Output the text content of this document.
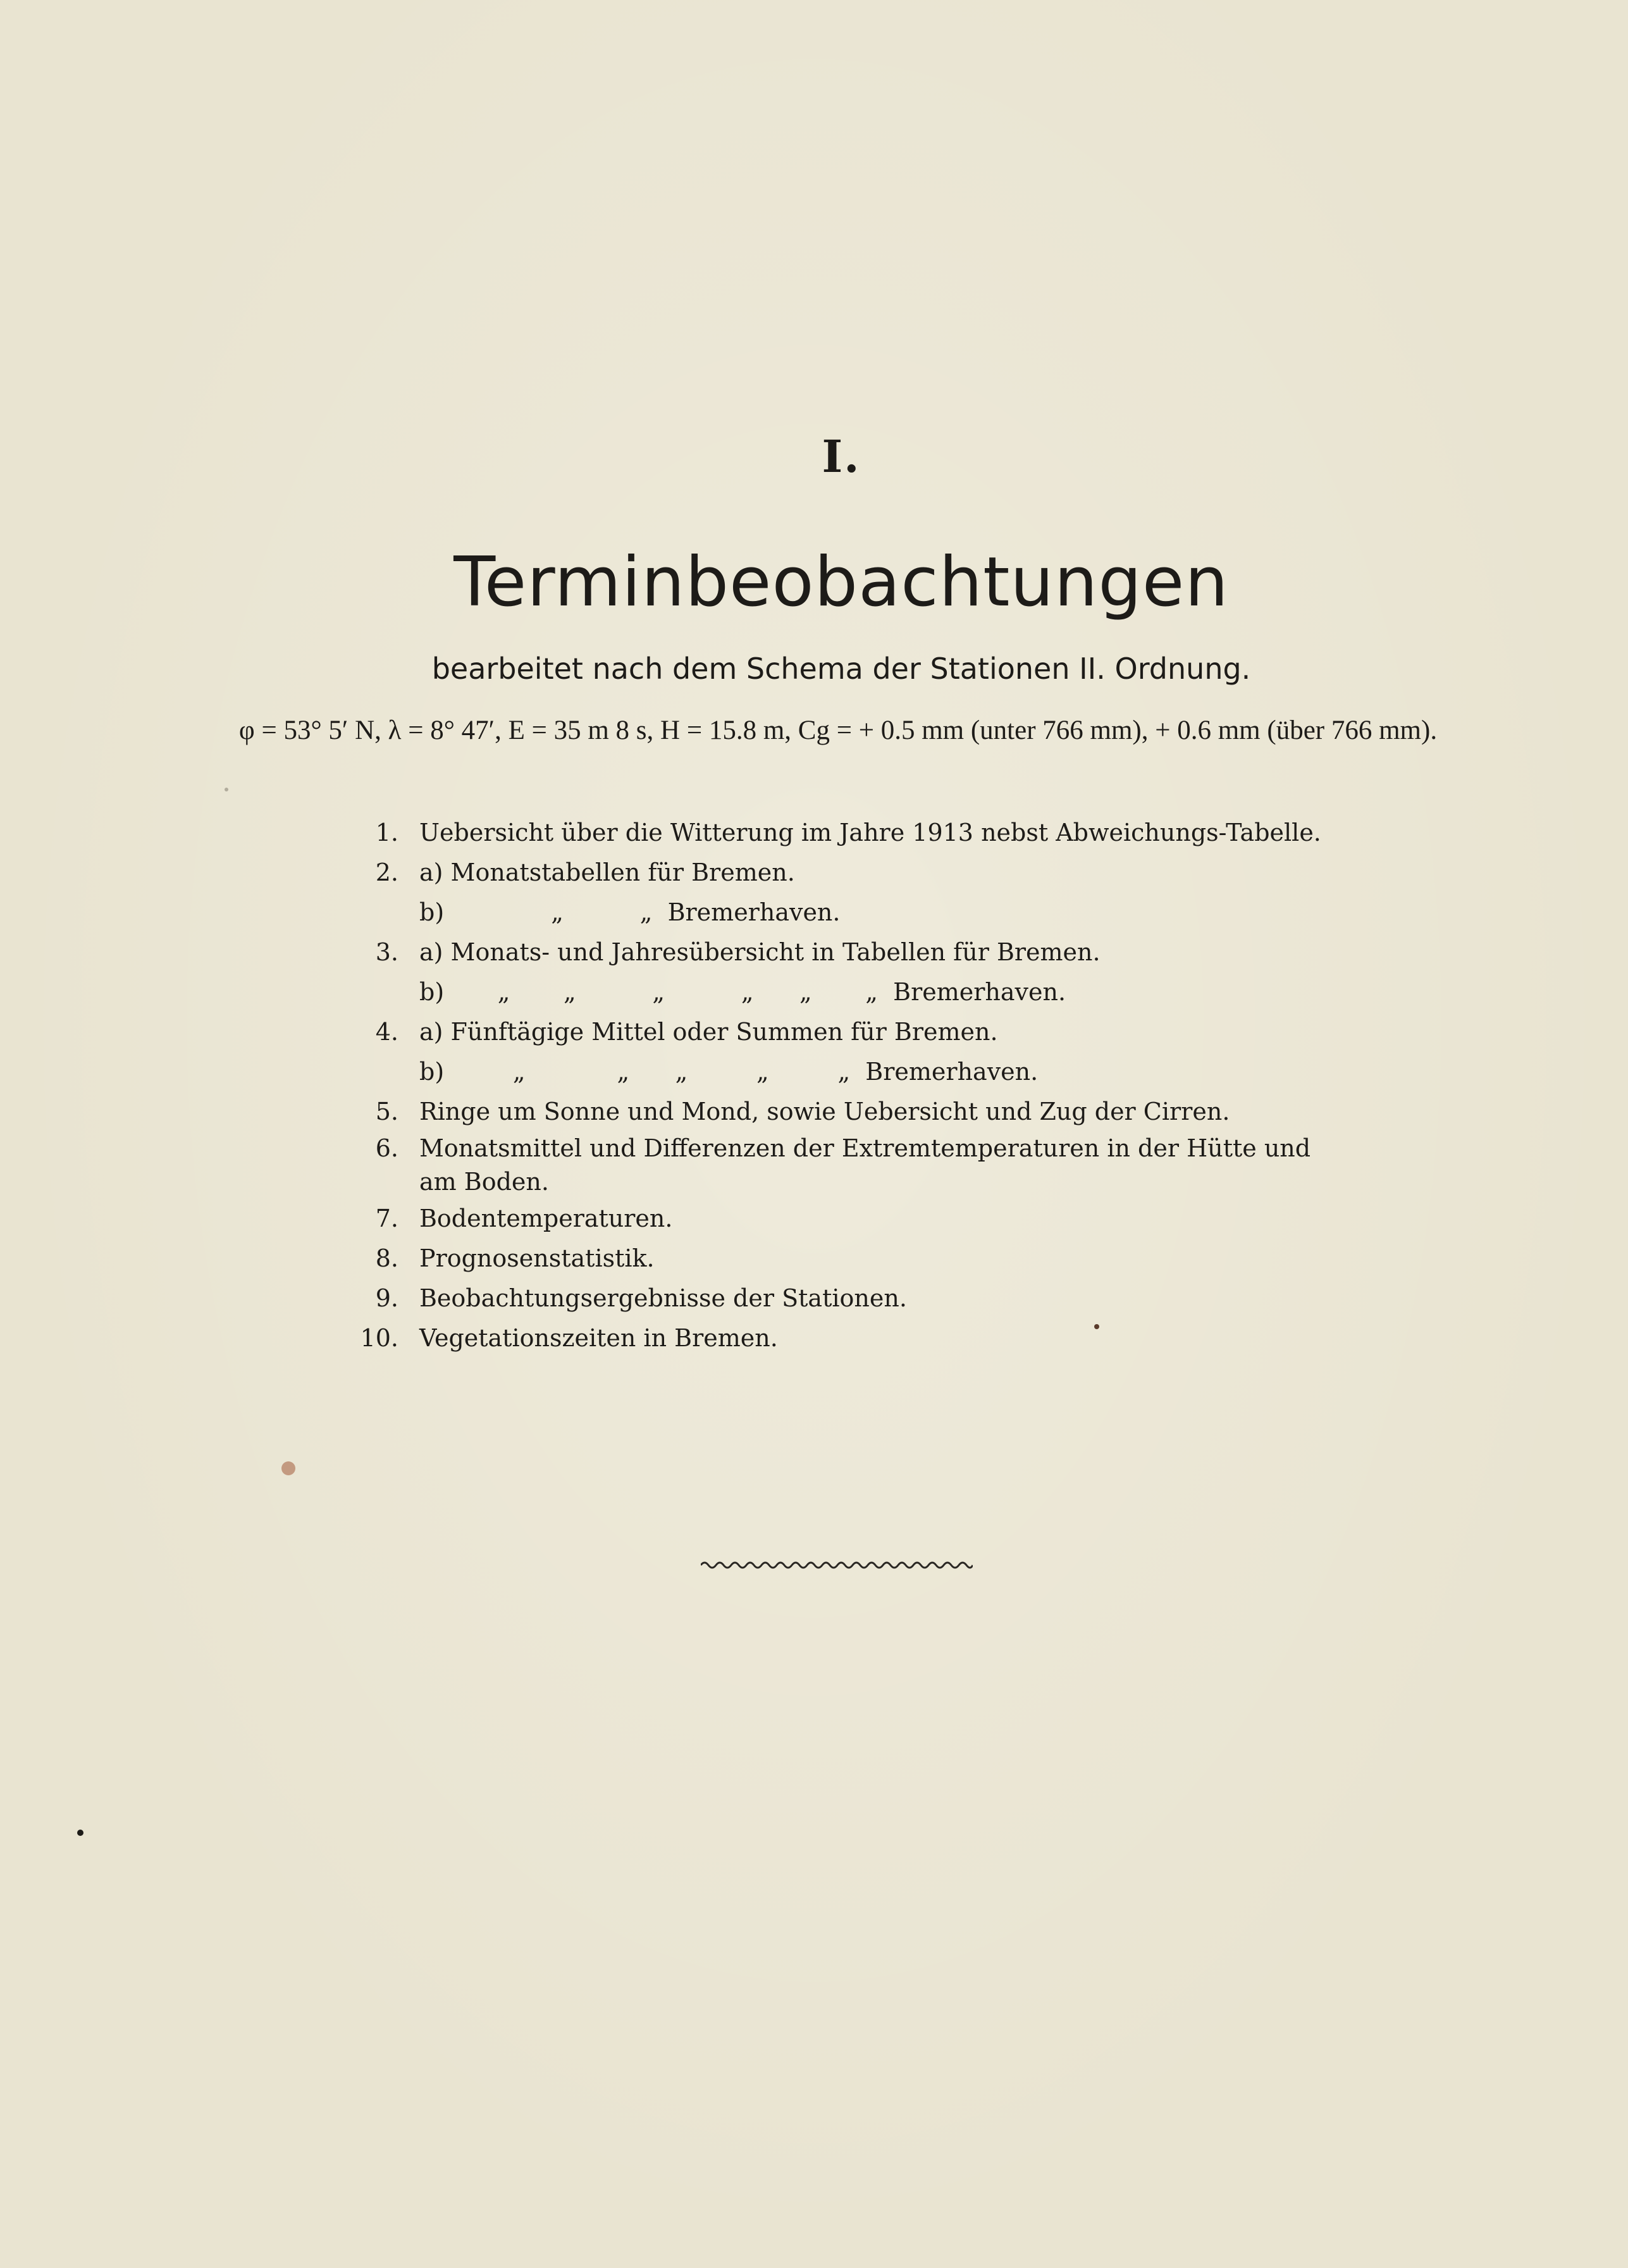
I.
Terminbeobachtungen
bearbeitet nach dem Schema der Stationen II. Ordnung.
φ = 53° 5′ N, λ = 8° 47′, E = 35 m 8 s, H = 15.8 m, Cg = + 0.5 mm (unter 766 mm), + 0.6 mm (über 766 mm).
1. Uebersicht über die Witterung im Jahre 1913 nebst Abweichungs-Tabelle.
2. a) Monatstabellen für Bremen.
b)              „          „  Bremerhaven.
3. a) Monats- und Jahresübersicht in Tabellen für Bremen.
b)       „       „          „          „      „       „  Bremerhaven.
4. a) Fünftägige Mittel oder Summen für Bremen.
b)         „            „      „         „         „  Bremerhaven.
5. Ringe um Sonne und Mond, sowie Uebersicht und Zug der Cirren.
6. Monatsmittel und Differenzen der Extremtemperaturen in der Hütte und am Boden.
7. Bodentemperaturen.
8. Prognosenstatistik.
9. Beobachtungsergebnisse der Stationen.
10. Vegetationszeiten in Bremen.
